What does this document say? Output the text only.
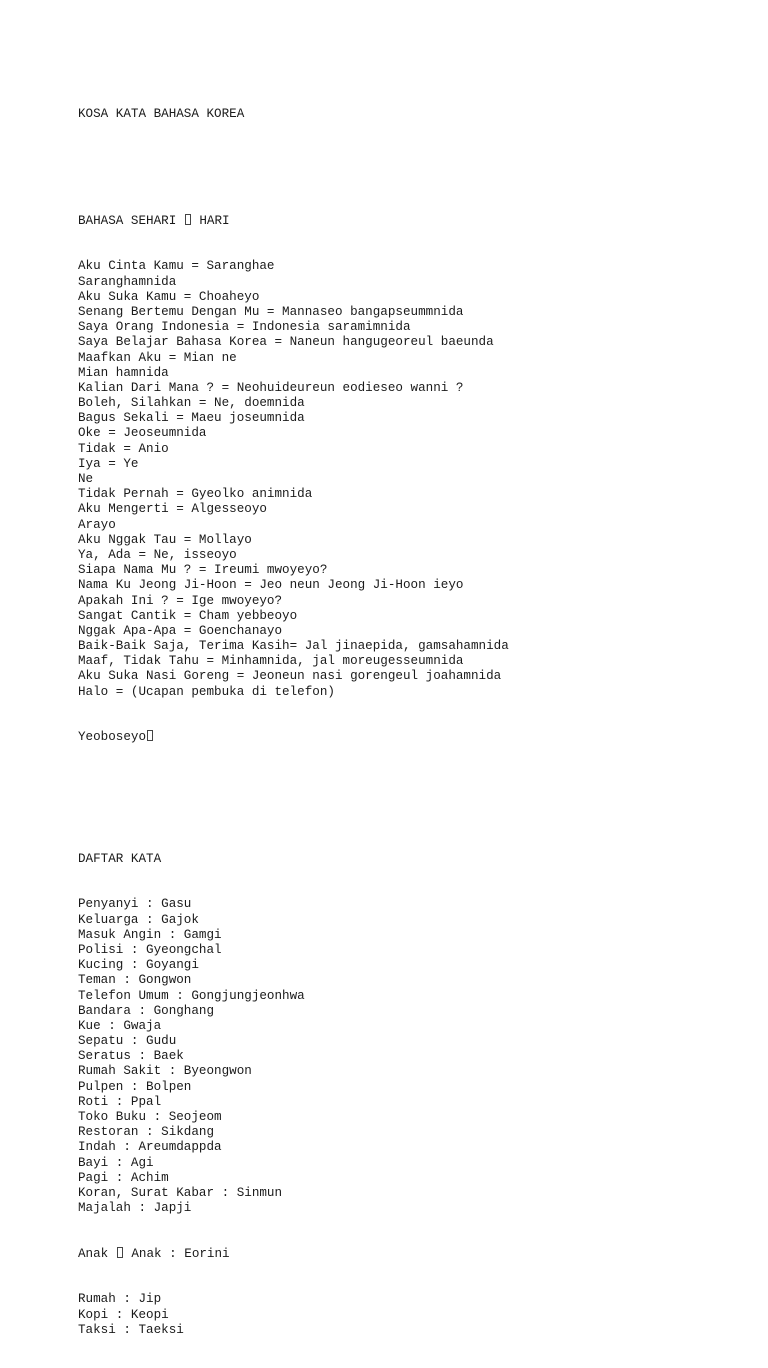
KOSA KATA BAHASA KOREA

BAHASA SEHARI  HARI

Aku Cinta Kamu = Saranghae
Saranghamnida
Aku Suka Kamu = Choaheyo
Senang Bertemu Dengan Mu = Mannaseo bangapseummnida
Saya Orang Indonesia = Indonesia saramimnida
Saya Belajar Bahasa Korea = Naneun hangugeoreul baeunda
Maafkan Aku = Mian ne
Mian hamnida
Kalian Dari Mana ? = Neohuideureun eodieseo wanni ?
Boleh, Silahkan = Ne, doemnida
Bagus Sekali = Maeu joseumnida
Oke = Jeoseumnida
Tidak = Anio
Iya = Ye
Ne
Tidak Pernah = Gyeolko animnida
Aku Mengerti = Algesseoyo
Arayo
Aku Nggak Tau = Mollayo
Ya, Ada = Ne, isseoyo
Siapa Nama Mu ? = Ireumi mwoyeyo?
Nama Ku Jeong Ji-Hoon = Jeo neun Jeong Ji-Hoon ieyo
Apakah Ini ? = Ige mwoyeyo?
Sangat Cantik = Cham yebbeoyo
Nggak Apa-Apa = Goenchanayo
Baik-Baik Saja, Terima Kasih= Jal jinaepida, gamsahamnida
Maaf, Tidak Tahu = Minhamnida, jal moreugesseumnida
Aku Suka Nasi Goreng = Jeoneun nasi gorengeul joahamnida
Halo = (Ucapan pembuka di telefon)

Yeoboseyo

DAFTAR KATA

Penyanyi : Gasu
Keluarga : Gajok
Masuk Angin : Gamgi
Polisi : Gyeongchal
Kucing : Goyangi
Teman : Gongwon
Telefon Umum : Gongjungjeonhwa
Bandara : Gonghang
Kue : Gwaja
Sepatu : Gudu
Seratus : Baek
Rumah Sakit : Byeongwon
Pulpen : Bolpen
Roti : Ppal
Toko Buku : Seojeom
Restoran : Sikdang
Indah : Areumdappda
Bayi : Agi
Pagi : Achim
Koran, Surat Kabar : Sinmun
Majalah : Japji

Anak  Anak : Eorini

Rumah : Jip
Kopi : Keopi
Taksi : Taeksi
